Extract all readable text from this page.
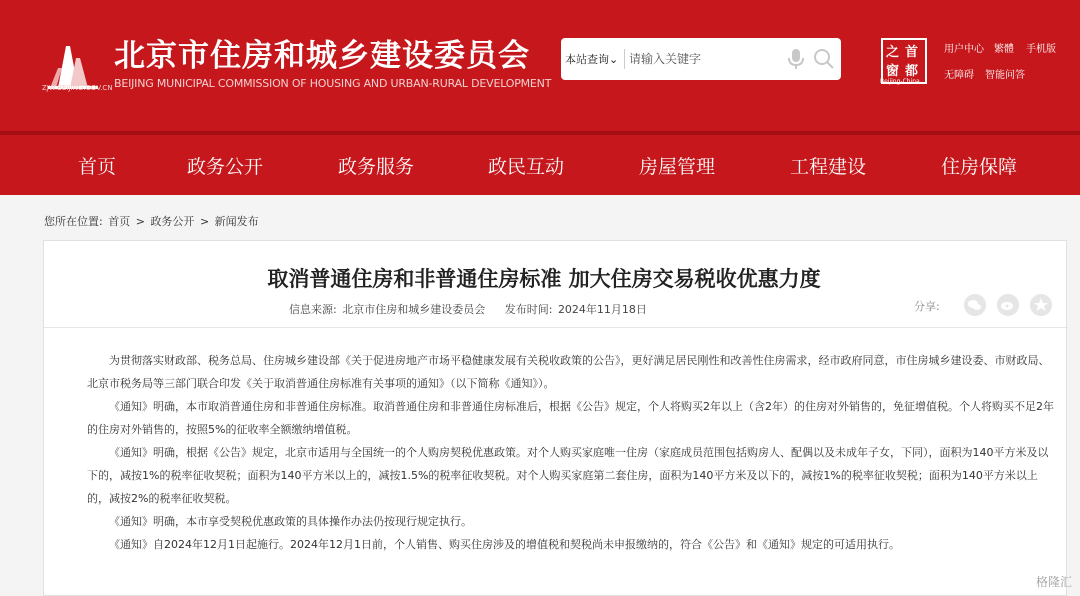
ZJW.BEIJING.GOV.CN
北京市住房和城乡建设委员会
BEIJING MUNICIPAL COMMISSION OF HOUSING AND URBAN-RURAL DEVELOPMENT
本站查询⌄
请输入关键字	首
都
之
窗
Beijing-China
用户中心 繁體 手机版
无障碍 智能问答
首页	政务公开	政务服务	政民互动	房屋管理	工程建设	住房保障
您所在位置: 首页 > 政务公开 > 新闻发布
取消普通住房和非普通住房标准 加大住房交易税收优惠力度
信息来源: 北京市住房和城乡建设委员会 发布时间: 2024年11月18日	分享:

为贯彻落实财政部、税务总局、住房城乡建设部《关于促进房地产市场平稳健康发展有关税收政策的公告》，更好满足居民刚性和改善性住房需求，经市政府同意，市住房城乡建设委、市财政局、北京市税务局等三部门联合印发《关于取消普通住房标准有关事项的通知》（以下简称《通知》）。

《通知》明确，本市取消普通住房和非普通住房标准。取消普通住房和非普通住房标准后，根据《公告》规定，个人将购买2年以上（含2年）的住房对外销售的，免征增值税。个人将购买不足2年的住房对外销售的，按照5%的征收率全额缴纳增值税。

《通知》明确，根据《公告》规定，北京市适用与全国统一的个人购房契税优惠政策。对个人购买家庭唯一住房（家庭成员范围包括购房人、配偶以及未成年子女，下同），面积为140平方米及以下的，减按1%的税率征收契税；面积为140平方米以上的，减按1.5%的税率征收契税。对个人购买家庭第二套住房，面积为140平方米及以下的，减按1%的税率征收契税；面积为140平方米以上的，减按2%的税率征收契税。

《通知》明确，本市享受契税优惠政策的具体操作办法仍按现行规定执行。

《通知》自2024年12月1日起施行。2024年12月1日前，个人销售、购买住房涉及的增值税和契税尚未申报缴纳的，符合《公告》和《通知》规定的可适用执行。

格隆汇
